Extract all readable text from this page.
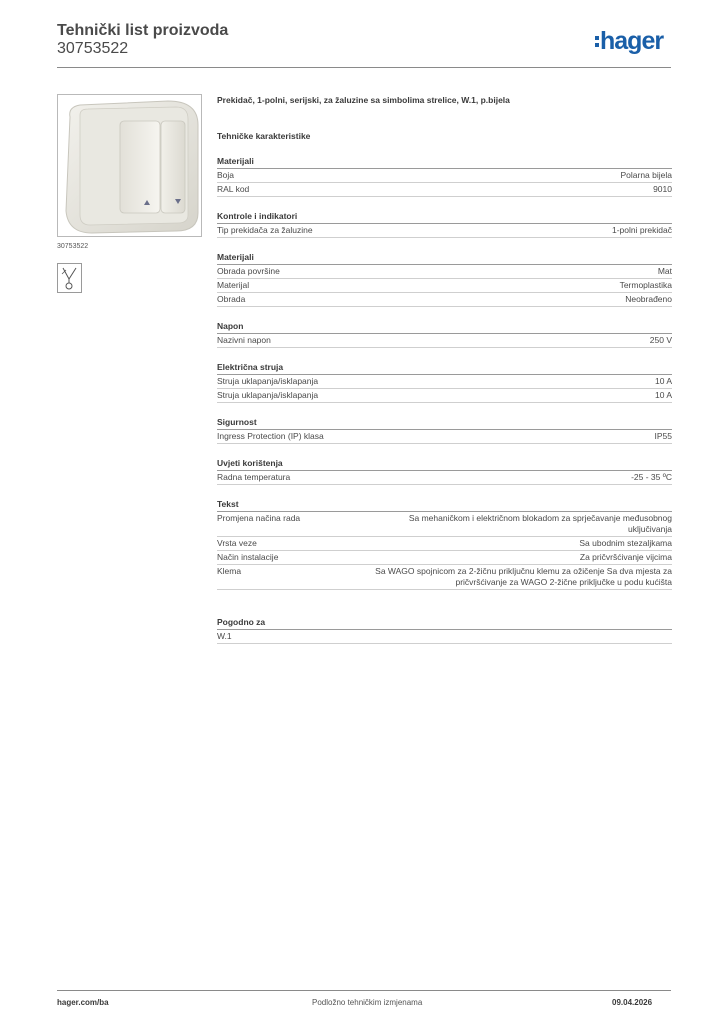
Tehnički list proizvoda
30753522	hager
30753522
Prekidač, 1-polni, serijski, za žaluzine sa simbolima strelice, W.1, p.bijela
Tehničke karakteristike
Materijali
Boja	Polarna bijela
RAL kod	9010
Kontrole i indikatori
Tip prekidača za žaluzine	1-polni prekidač
Materijali
Obrada površine	Mat
Materijal	Termoplastika
Obrada	Neobrađeno
Napon
Nazivni napon	250 V
Električna struja
Struja uklapanja/isklapanja	10 A
Struja uklapanja/isklapanja	10 A
Sigurnost
Ingress Protection (IP) klasa	IP55
Uvjeti korištenja
Radna temperatura	-25 - 35 ºC
Tekst
Promjena načina rada	Sa mehaničkom i električnom blokadom za sprječavanje međusobnog uključivanja
Vrsta veze	Sa ubodnim stezaljkama
Način instalacije	Za pričvršćivanje vijcima
Klema	Sa WAGO spojnicom za 2-žičnu priključnu klemu za ožičenje Sa dva mjesta za pričvršćivanje za WAGO 2-žične priključke u podu kućišta
Pogodno za
W.1
hager.com/ba	Podložno tehničkim izmjenama	09.04.2026
